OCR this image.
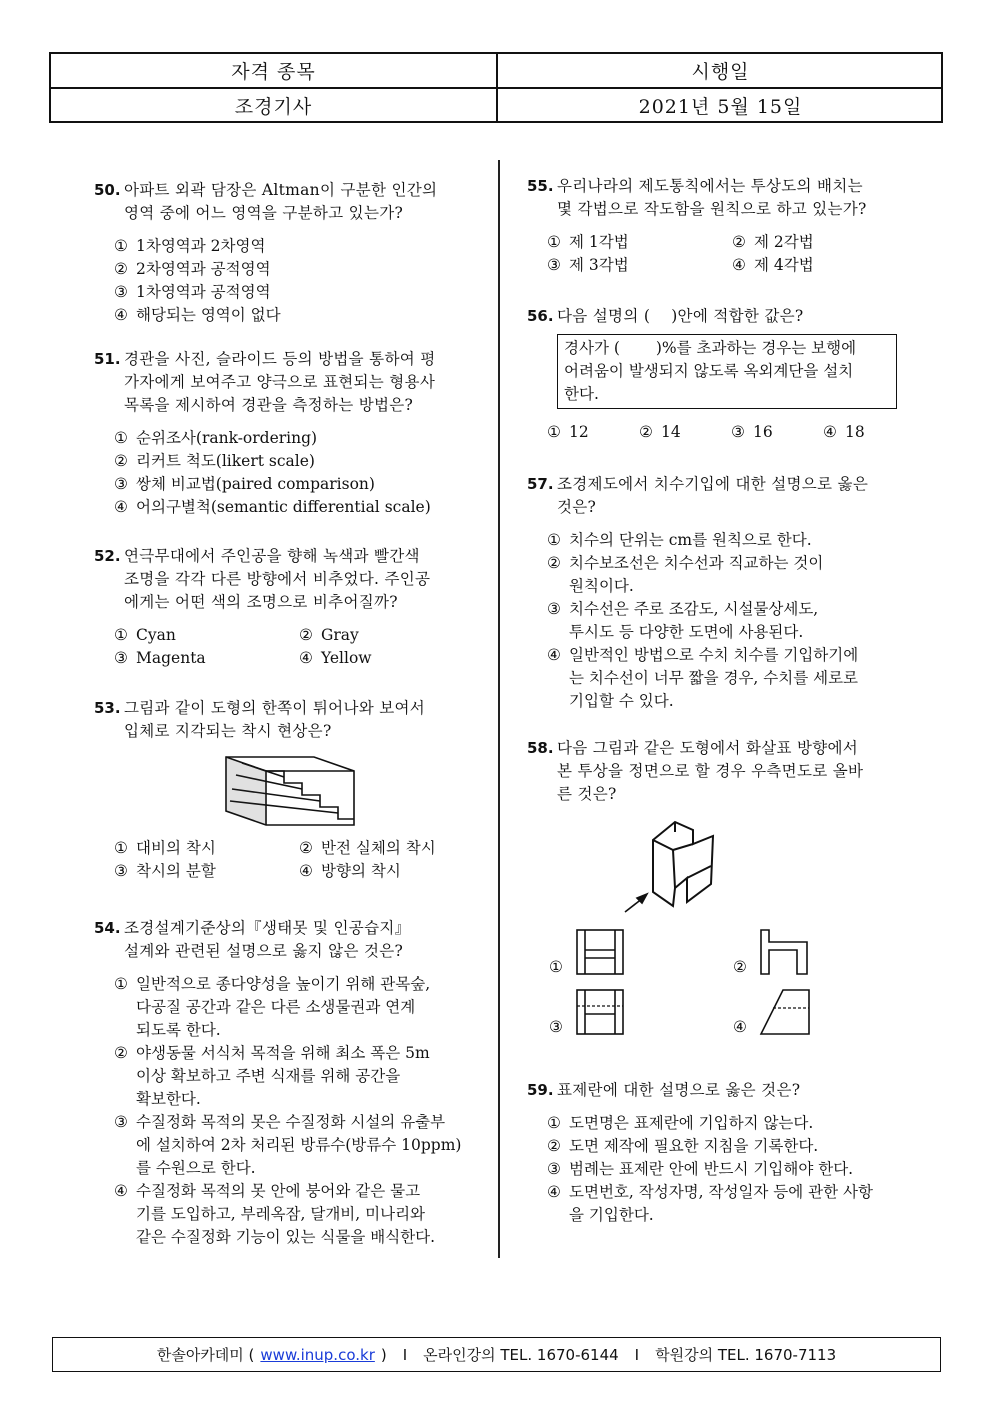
자격 종목	시행일
조경기사	2021년 5월 15일
50. 아파트 외곽 담장은 Altman이 구분한 인간의
영역 중에 어느 영역을 구분하고 있는가?
① 1차영역과 2차영역
② 2차영역과 공적영역
③ 1차영역과 공적영역
④ 해당되는 영역이 없다
51. 경관을 사진, 슬라이드 등의 방법을 통하여 평
가자에게 보여주고 양극으로 표현되는 형용사
목록을 제시하여 경관을 측정하는 방법은?
① 순위조사(rank-ordering)
② 리커트 척도(likert scale)
③ 쌍체 비교법(paired comparison)
④ 어의구별척(semantic differential scale)
52. 연극무대에서 주인공을 향해 녹색과 빨간색
조명을 각각 다른 방향에서 비추었다. 주인공
에게는 어떤 색의 조명으로 비추어질까?
① Cyan	② Gray
③ Magenta	④ Yellow
53. 그림과 같이 도형의 한쪽이 튀어나와 보여서
입체로 지각되는 착시 현상은?
① 대비의 착시	② 반전 실체의 착시
③ 착시의 분할	④ 방향의 착시
54. 조경설계기준상의『생태못 및 인공습지』
설계와 관련된 설명으로 옳지 않은 것은?
① 일반적으로 종다양성을 높이기 위해 관목숲,
다공질 공간과 같은 다른 소생물권과 연계
되도록 한다.
② 야생동물 서식처 목적을 위해 최소 폭은 5m
이상 확보하고 주변 식재를 위해 공간을
확보한다.
③ 수질정화 목적의 못은 수질정화 시설의 유출부
에 설치하여 2차 처리된 방류수(방류수 10ppm)
를 수원으로 한다.
④ 수질정화 목적의 못 안에 붕어와 같은 물고
기를 도입하고, 부레옥잠, 달개비, 미나리와
같은 수질정화 기능이 있는 식물을 배식한다.
55. 우리나라의 제도통칙에서는 투상도의 배치는
몇 각법으로 작도함을 원칙으로 하고 있는가?
① 제 1각법	② 제 2각법
③ 제 3각법	④ 제 4각법
56. 다음 설명의 (　 )안에 적합한 값은?
경사가 (　　 )%를 초과하는 경우는 보행에
어려움이 발생되지 않도록 옥외계단을 설치
한다.
① 12	② 14	③ 16	④ 18
57. 조경제도에서 치수기입에 대한 설명으로 옳은
것은?
① 치수의 단위는 cm를 원칙으로 한다.
② 치수보조선은 치수선과 직교하는 것이
원칙이다.
③ 치수선은 주로 조감도, 시설물상세도,
투시도 등 다양한 도면에 사용된다.
④ 일반적인 방법으로 수치 치수를 기입하기에
는 치수선이 너무 짧을 경우, 수치를 세로로
기입할 수 있다.
58. 다음 그림과 같은 도형에서 화살표 방향에서
본 투상을 정면으로 할 경우 우측면도로 올바
른 것은?
①	②
③	④
59. 표제란에 대한 설명으로 옳은 것은?
① 도면명은 표제란에 기입하지 않는다.
② 도면 제작에 필요한 지침을 기록한다.
③ 범례는 표제란 안에 반드시 기입해야 한다.
④ 도면번호, 작성자명, 작성일자 등에 관한 사항
을 기입한다.
한솔아카데미 ( www.inup.co.kr ) I 온라인강의 TEL. 1670-6144 I 학원강의 TEL. 1670-7113
